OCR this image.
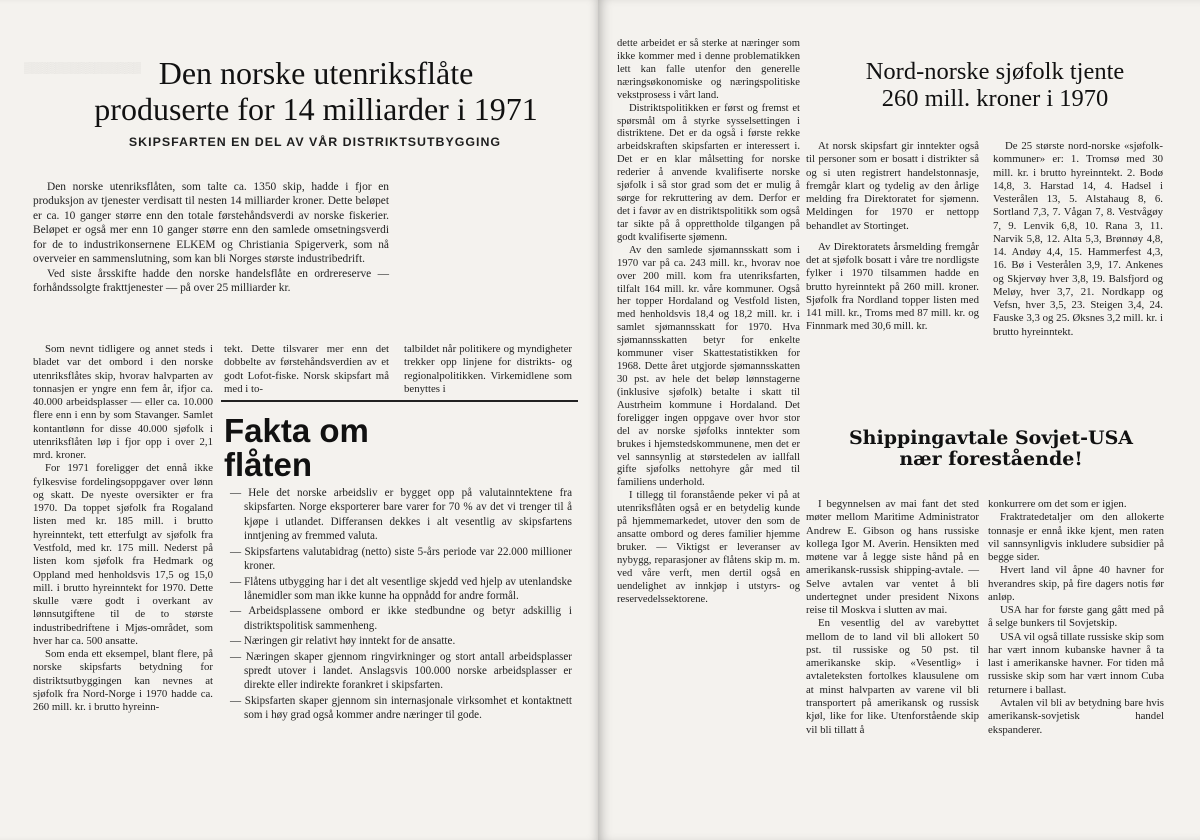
▒▒▒▒▒▒▒▒▒▒▒▒▒▒▒ Den norske utenriksflåte
produserte for 14 milliarder i 1971
SKIPSFARTEN EN DEL AV VÅR DISTRIKTSUTBYGGING

Den norske utenriksflåten, som talte ca. 1350 skip, hadde i fjor en produksjon av tjenester verdisatt til nesten 14 milliarder kroner. Dette beløpet er ca. 10 ganger større enn den totale førstehåndsverdi av norske fiskerier. Beløpet er også mer enn 10 ganger større enn den samlede omsetningsverdi for de to industrikonsernene ELKEM og Christiania Spigerverk, som nå overveier en sammenslutning, som kan bli Norges største industribedrift.

Ved siste årsskifte hadde den norske handelsflåte en ordrereserve — forhåndssolgte frakttjenester — på over 25 milliarder kr.

Som nevnt tidligere og annet steds i bladet var det ombord i den norske utenriksflåtes skip, hvorav halvparten av tonnasjen er yngre enn fem år, ifjor ca. 40.000 arbeidsplasser — eller ca. 10.000 flere enn i enn by som Stavanger. Samlet kontantlønn for disse 40.000 sjøfolk i utenriksflåten løp i fjor opp i over 2,1 mrd. kroner.

For 1971 foreligger det ennå ikke fylkesvise fordelingsoppgaver over lønn og skatt. De nyeste oversikter er fra 1970. Da toppet sjøfolk fra Rogaland listen med kr. 185 mill. i brutto hyreinntekt, tett etterfulgt av sjøfolk fra Vestfold, med kr. 175 mill. Nederst på listen kom sjøfolk fra Hedmark og Oppland med henholdsvis 17,5 og 15,0 mill. i brutto hyreinntekt for 1970. Dette skulle være godt i overkant av lønnsutgiftene til de to største industribedriftene i Mjøs-området, som hver har ca. 500 ansatte.

Som enda ett eksempel, blant flere, på norske skipsfarts betydning for distriktsutbyggingen kan nevnes at sjøfolk fra Nord-Norge i 1970 hadde ca. 260 mill. kr. i brutto hyreinn-

tekt. Dette tilsvarer mer enn det dobbelte av førstehåndsverdien av et godt Lofot-fiske. Norsk skipsfart må med i to-

talbildet når politikere og myndigheter trekker opp linjene for distrikts- og regionalpolitikken. Virkemidlene som benyttes i

Fakta om
flåten
— Hele det norske arbeidsliv er bygget opp på valutainntektene fra skipsfarten. Norge eksporterer bare varer for 70 % av det vi trenger til å kjøpe i utlandet. Differansen dekkes i alt vesentlig av skipsfartens inntjening av fremmed valuta.
— Skipsfartens valutabidrag (netto) siste 5-års periode var 22.000 millioner kroner.
— Flåtens utbygging har i det alt vesentlige skjedd ved hjelp av utenlandske lånemidler som man ikke kunne ha oppnådd for andre formål.
— Arbeidsplassene ombord er ikke stedbundne og betyr adskillig i distriktspolitisk sammenheng.
— Næringen gir relativt høy inntekt for de ansatte.
— Næringen skaper gjennom ringvirkninger og stort antall arbeidsplasser spredt utover i landet. Anslagsvis 100.000 norske arbeidsplasser er direkte eller indirekte forankret i skipsfarten.
— Skipsfarten skaper gjennom sin internasjonale virksomhet et kontaktnett som i høy grad også kommer andre næringer til gode.

dette arbeidet er så sterke at næringer som ikke kommer med i denne problematikken lett kan falle utenfor den generelle næringsøkonomiske og næringspolitiske vekstprosess i vårt land.

Distriktspolitikken er først og fremst et spørsmål om å styrke sysselsettingen i distriktene. Det er da også i første rekke arbeidskraften skipsfarten er interessert i. Det er en klar målsetting for norske rederier å anvende kvalifiserte norske sjøfolk i så stor grad som det er mulig å sørge for rekruttering av dem. Derfor er det i favør av en distriktspolitikk som også tar sikte på å opprettholde tilgangen på godt kvalifiserte sjømenn.

Av den samlede sjømannsskatt som i 1970 var på ca. 243 mill. kr., hvorav noe over 200 mill. kom fra utenriksfarten, tilfalt 164 mill. kr. våre kommuner. Også her topper Hordaland og Vestfold listen, med henholdsvis 18,4 og 18,2 mill. kr. i samlet sjømannsskatt for 1970. Hva sjømannsskatten betyr for enkelte kommuner viser Skattestatistikken for 1968. Dette året utgjorde sjømannsskatten 30 pst. av hele det beløp lønnstagerne (inklusive sjøfolk) betalte i skatt til Austrheim kommune i Hordaland. Det foreligger ingen oppgave over hvor stor del av norske sjøfolks inntekter som brukes i hjemstedskommunene, men det er vel sannsynlig at størstedelen av iallfall gifte sjøfolks nettohyre går med til familiens underhold.

I tillegg til foranstående peker vi på at utenriksflåten også er en betydelig kunde på hjemmemarkedet, utover den som de ansatte ombord og deres familier hjemme bruker. — Viktigst er leveranser av nybygg, reparasjoner av flåtens skip m. m. ved våre verft, men dertil også en uendelighet av innkjøp i utstyrs- og reservedelssektorene.

Nord-norske sjøfolk tjente
260 mill. kroner i 1970

At norsk skipsfart gir inntekter også til personer som er bosatt i distrikter så og si uten registrert handelstonnasje, fremgår klart og tydelig av den årlige melding fra Direktoratet for sjømenn. Meldingen for 1970 er nettopp behandlet av Stortinget.

Av Direktoratets årsmelding fremgår det at sjøfolk bosatt i våre tre nordligste fylker i 1970 tilsammen hadde en brutto hyreinntekt på 260 mill. kroner. Sjøfolk fra Nordland topper listen med 141 mill. kr., Troms med 87 mill. kr. og Finnmark med 30,6 mill. kr.

De 25 største nord-norske «sjøfolk-kommuner» er: 1. Tromsø med 30 mill. kr. i brutto hyreinntekt. 2. Bodø 14,8, 3. Harstad 14, 4. Hadsel i Vesterålen 13, 5. Alstahaug 8, 6. Sortland 7,3, 7. Vågan 7, 8. Vestvågøy 7, 9. Lenvik 6,8, 10. Rana 3, 11. Narvik 5,8, 12. Alta 5,3, Brønnøy 4,8, 14. Andøy 4,4, 15. Hammerfest 4,3, 16. Bø i Vesterålen 3,9, 17. Ankenes og Skjervøy hver 3,8, 19. Balsfjord og Meløy, hver 3,7, 21. Nordkapp og Vefsn, hver 3,5, 23. Steigen 3,4, 24. Fauske 3,3 og 25. Øksnes 3,2 mill. kr. i brutto hyreinntekt.

Shippingavtale Sovjet-USA
nær forestående!

I begynnelsen av mai fant det sted møter mellom Maritime Administrator Andrew E. Gibson og hans russiske kollega Igor M. Averin. Hensikten med møtene var å legge siste hånd på en amerikansk-russisk shipping-avtale. — Selve avtalen var ventet å bli undertegnet under president Nixons reise til Moskva i slutten av mai.

En vesentlig del av varebyttet mellom de to land vil bli allokert 50 pst. til russiske og 50 pst. til amerikanske skip. «Vesentlig» i avtaleteksten fortolkes klausulene om at minst halvparten av varene vil bli transportert på amerikansk og russisk kjøl, like for like. Utenforstående skip vil bli tillatt å

konkurrere om det som er igjen.

Fraktratedetaljer om den allokerte tonnasje er ennå ikke kjent, men raten vil sannsynligvis inkludere subsidier på begge sider.

Hvert land vil åpne 40 havner for hverandres skip, på fire dagers notis før anløp.

USA har for første gang gått med på å selge bunkers til Sovjetskip.

USA vil også tillate russiske skip som har vært innom kubanske havner å ta last i amerikanske havner. For tiden må russiske skip som har vært innom Cuba returnere i ballast.

Avtalen vil bli av betydning bare hvis amerikansk-sovjetisk handel ekspanderer.
